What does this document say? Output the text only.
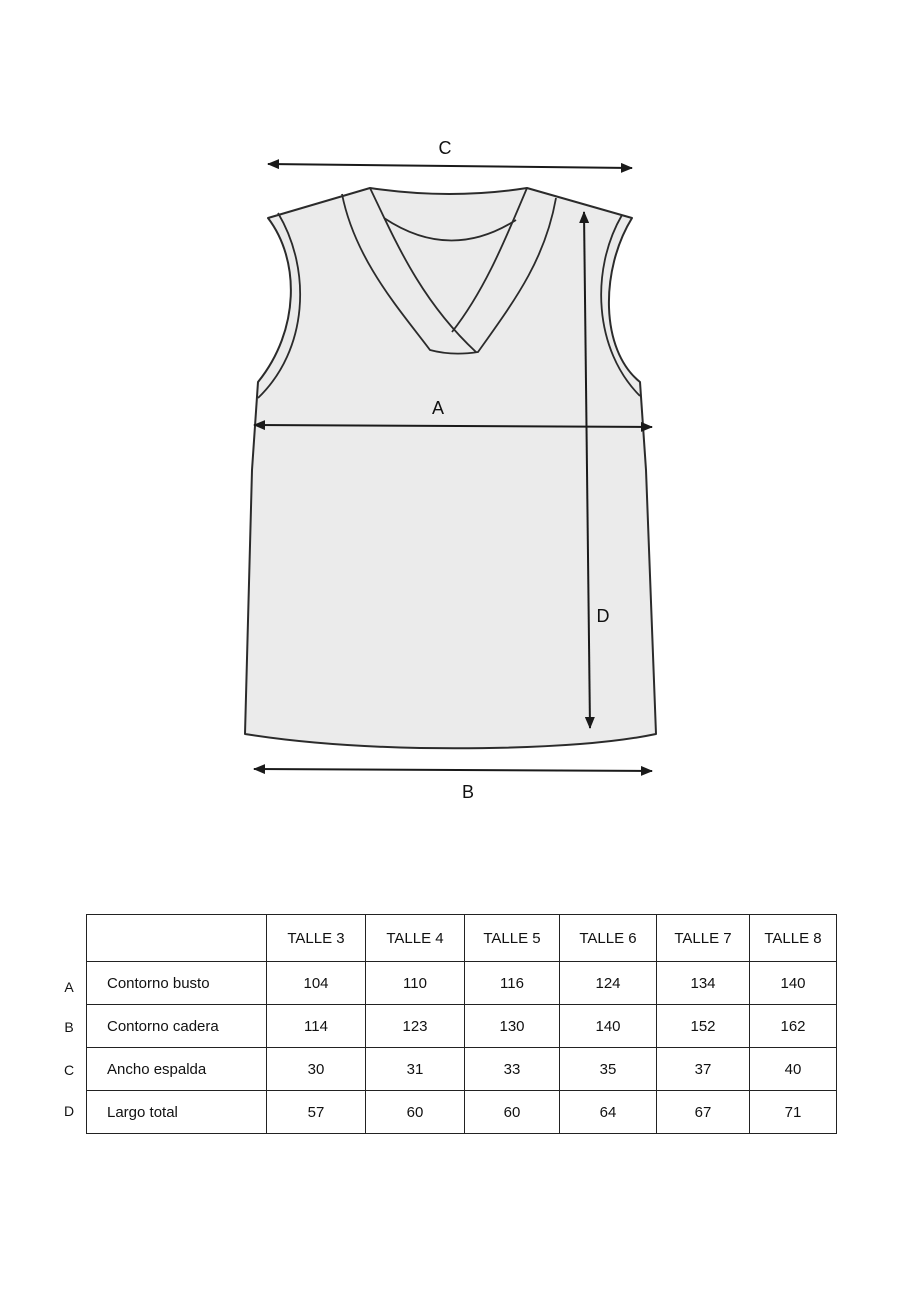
C
A
B
D
A
B
C
D
	TALLE 3	TALLE 4	TALLE 5	TALLE 6	TALLE 7	TALLE 8
Contorno busto	104	110	116	124	134	140
Contorno cadera	114	123	130	140	152	162
Ancho espalda	30	31	33	35	37	40
Largo total	57	60	60	64	67	71
